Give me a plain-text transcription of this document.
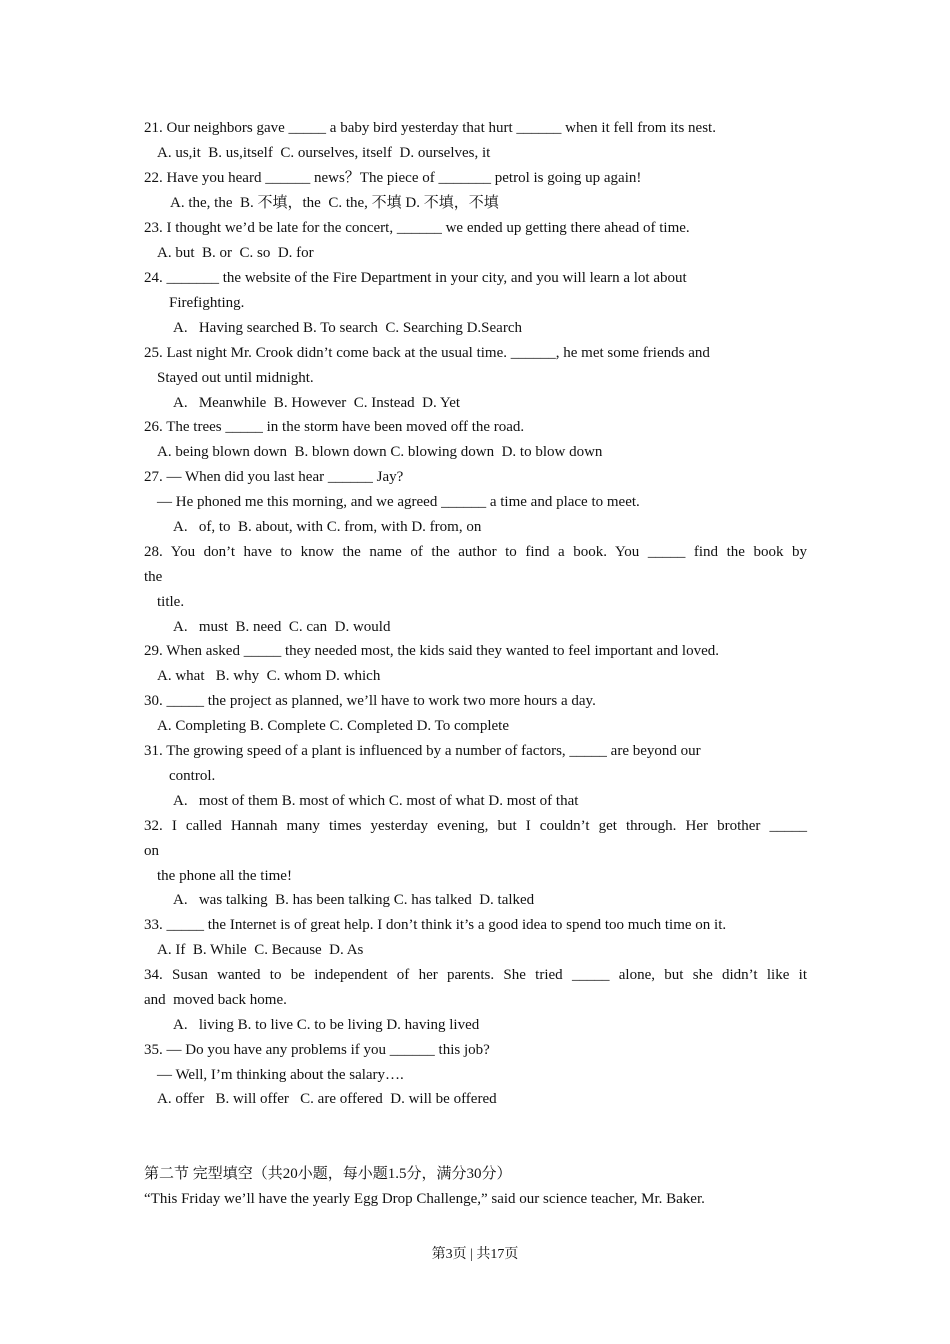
21. Our neighbors gave _____ a baby bird yesterday that hurt ______ when it fell from its nest.
A. us,it  B. us,itself  C. ourselves, itself  D. ourselves, it
22. Have you heard ______ news？The piece of _______ petrol is going up again!
A. the, the  B. 不填，the  C. the, 不填 D. 不填，不填
23. I thought we’d be late for the concert, ______ we ended up getting there ahead of time.
A. but  B. or  C. so  D. for
24. _______ the website of the Fire Department in your city, and you will learn a lot about
Firefighting.
A.   Having searched B. To search  C. Searching D.Search
25. Last night Mr. Crook didn’t come back at the usual time. ______, he met some friends and
Stayed out until midnight.
A.   Meanwhile  B. However  C. Instead  D. Yet
26. The trees _____ in the storm have been moved off the road.
A. being blown down  B. blown down C. blowing down  D. to blow down
27. — When did you last hear ______ Jay?
— He phoned me this morning, and we agreed ______ a time and place to meet.
A.   of, to  B. about, with C. from, with D. from, on
28. You don’t have to know the name of the author to find a book. You _____ find the book by
the
title.
A.   must  B. need  C. can  D. would
29. When asked _____ they needed most, the kids said they wanted to feel important and loved.
A. what   B. why  C. whom D. which
30. _____ the project as planned, we’ll have to work two more hours a day.
A. Completing B. Complete C. Completed D. To complete
31. The growing speed of a plant is influenced by a number of factors, _____ are beyond our
control.
A.   most of them B. most of which C. most of what D. most of that
32. I called Hannah many times yesterday evening, but I couldn’t get through. Her brother _____
on
the phone all the time!
A.   was talking  B. has been talking C. has talked  D. talked
33. _____ the Internet is of great help. I don’t think it’s a good idea to spend too much time on it.
A. If  B. While  C. Because  D. As
34. Susan wanted to be independent of her parents. She tried _____ alone, but she didn’t like it
and  moved back home.
A.   living B. to live C. to be living D. having lived
35. — Do you have any problems if you ______ this job?
— Well, I’m thinking about the salary….
A. offer   B. will offer   C. are offered  D. will be offered
第二节 完型填空（共20小题，每小题1.5分，满分30分）
“This Friday we’ll have the yearly Egg Drop Challenge,” said our science teacher, Mr. Baker.
第3页 | 共17页
